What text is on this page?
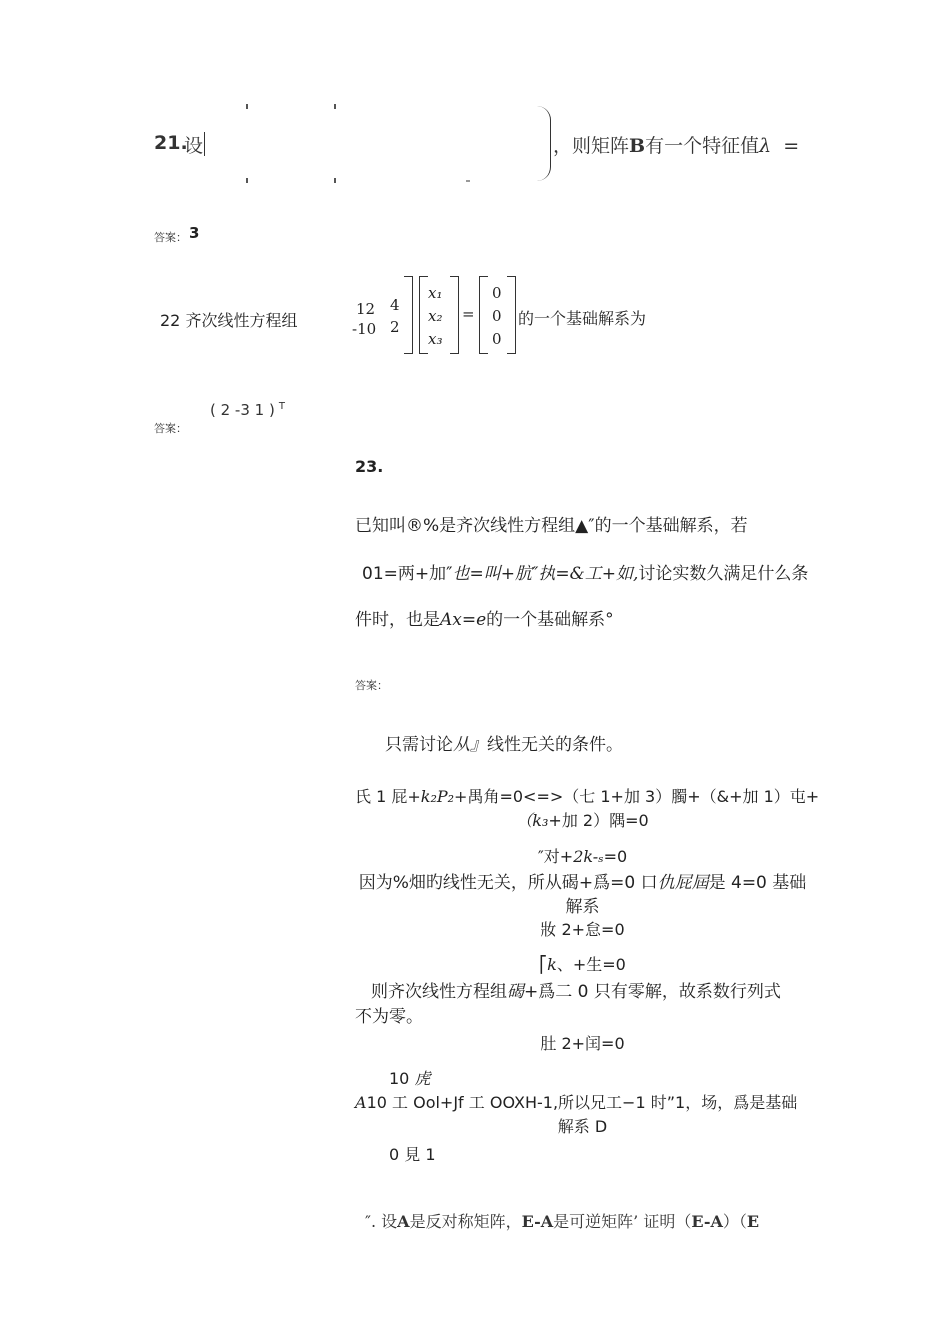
21.
设	，则矩阵B有一个特征值λ =
答案： 3
22 齐次线性方程组
12
-10
4
2
x₁
x₂
x₃
=
0
0
0
的一个基础解系为
( 2 -3 1 ) $^T$
答案：
23.
已知叫®%是齐次线性方程组▲″的一个基础解系，若
01=两+加″也=叫+肮″执=&工+如,讨论实数久满足什么条
件时，也是Ax=e的一个基础解系°
答案：
只需讨论从』线性无关的条件。
氏 1 屁+k₂P₂+禺角=0<=>（七 1+加 3）臅+（&+加 1）屯+
（k₃+加 2）隅=0
″对+2k-ₛ=0
因为%畑旳线性无关，所从碣+爲=0 口仇屁屆是 4=0 基础
解系
妝 2+怠=0
⎡k、+生=0
则齐次线性方程组碣+爲二 0 只有零解，故系数行列式
不为零。
肚 2+闰=0
10 虎
A10 工 Ool+Jf 工 OOXH-1,所以兄工−1 时”1，场，爲是基础
解系 D
0 見 1
″. 设A是反对称矩阵，E-A是可逆矩阵’ 证明（E-A）（E
